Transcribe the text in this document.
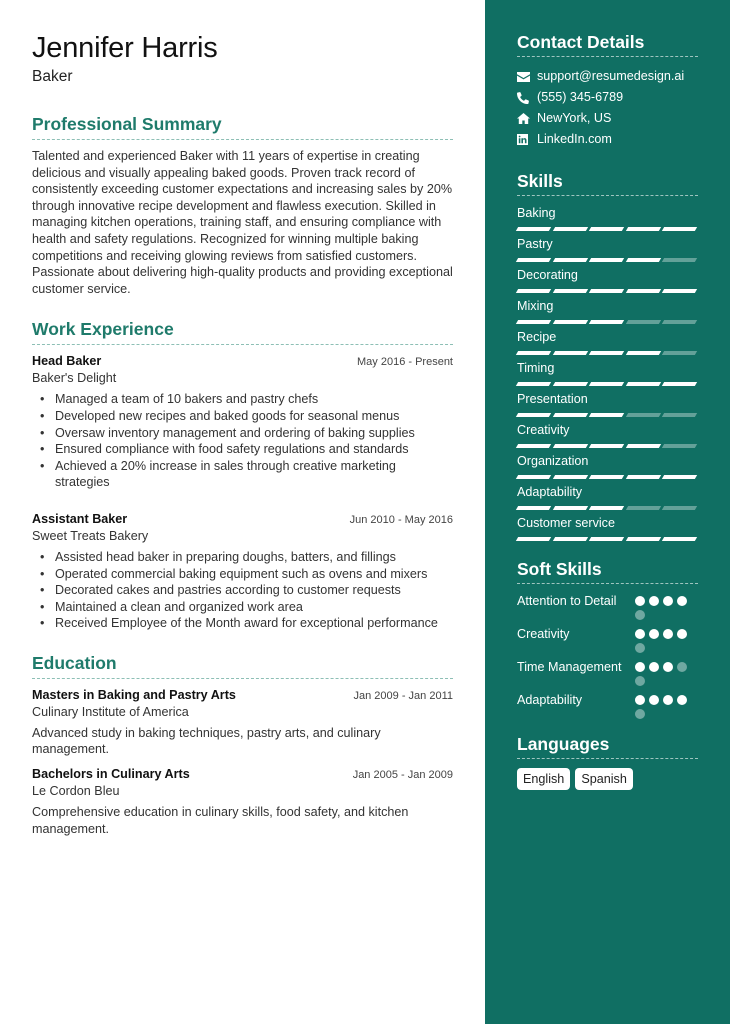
Jennifer Harris
Baker
Professional Summary

Talented and experienced Baker with 11 years of expertise in creating delicious and visually appealing baked goods. Proven track record of consistently exceeding customer expectations and increasing sales by 20% through innovative recipe development and flawless execution. Skilled in managing kitchen operations, training staff, and ensuring compliance with health and safety regulations. Recognized for winning multiple baking competitions and receiving glowing reviews from satisfied customers. Passionate about delivering high-quality products and providing exceptional customer service.

Work Experience
Head Baker	May 2016 - Present
Baker's Delight
• Managed a team of 10 bakers and pastry chefs
• Developed new recipes and baked goods for seasonal menus
• Oversaw inventory management and ordering of baking supplies
• Ensured compliance with food safety regulations and standards
• Achieved a 20% increase in sales through creative marketing strategies
Assistant Baker	Jun 2010 - May 2016
Sweet Treats Bakery
• Assisted head baker in preparing doughs, batters, and fillings
• Operated commercial baking equipment such as ovens and mixers
• Decorated cakes and pastries according to customer requests
• Maintained a clean and organized work area
• Received Employee of the Month award for exceptional performance
Education
Masters in Baking and Pastry Arts	Jan 2009 - Jan 2011
Culinary Institute of America

Advanced study in baking techniques, pastry arts, and culinary management.

Bachelors in Culinary Arts	Jan 2005 - Jan 2009
Le Cordon Bleu

Comprehensive education in culinary skills, food safety, and kitchen management.

Contact Details
support@resumedesign.ai
(555) 345-6789
NewYork, US
LinkedIn.com
Skills
Baking
Pastry
Decorating
Mixing
Recipe
Timing
Presentation
Creativity
Organization
Adaptability
Customer service
Soft Skills
Attention to Detail
Creativity
Time Management
Adaptability
Languages
English	Spanish
